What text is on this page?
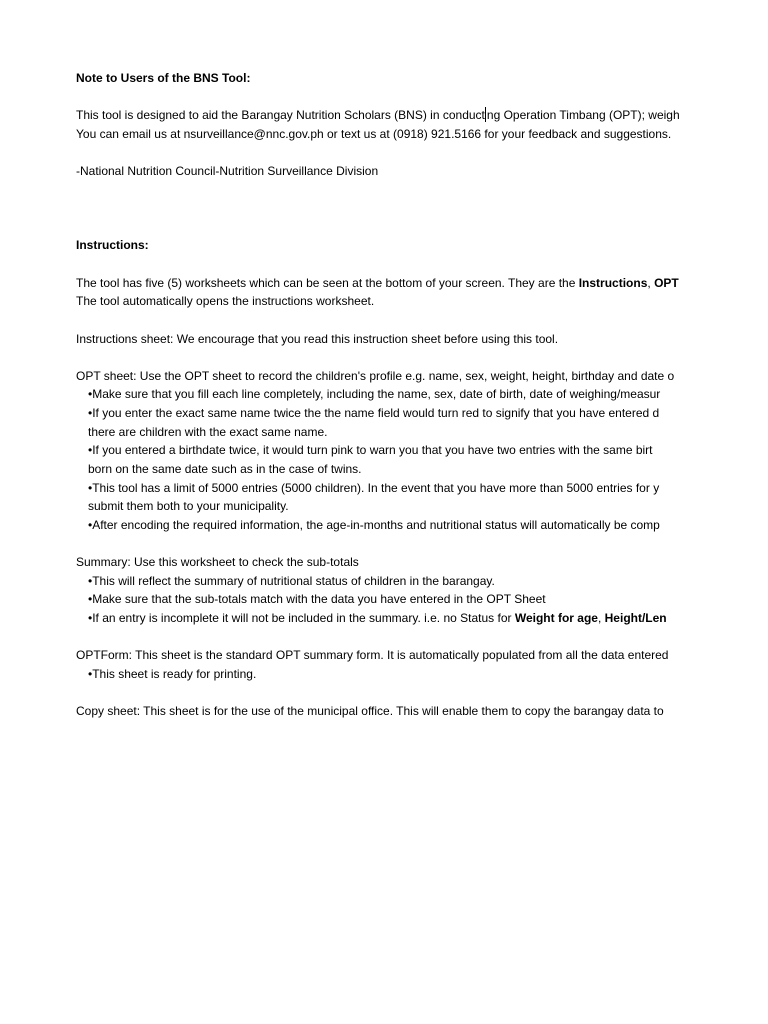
Note to Users of the BNS Tool:
This tool is designed to aid the Barangay Nutrition Scholars (BNS) in conduct ng Operation Timbang (OPT); weigh
You can email us at nsurveillance@nnc.gov.ph or text us at (0918) 921.5166 for your feedback and suggestions.
-National Nutrition Council-Nutrition Surveillance Division
Instructions:
The tool has five (5) worksheets which can be seen at the bottom of your screen. They are the Instructions, OPT
The tool automatically opens the instructions worksheet.
Instructions sheet: We encourage that you read this instruction sheet before using this tool.
OPT sheet: Use the OPT sheet to record the children's profile e.g. name, sex, weight, height, birthday and date o
•Make sure that you fill each line completely, including the name, sex, date of birth, date of weighing/measur
•If you enter the exact same name twice the the name field would turn red to signify that you have entered d
there are children with the exact same name.
•If you entered a birthdate twice, it would turn pink to warn you that you have two entries with the same birt
born on the same date such as in the case of twins.
•This tool has a limit of 5000 entries (5000 children). In the event that you have more than 5000 entries for y
submit them both to your municipality.
•After encoding the required information, the age-in-months and nutritional status will automatically be comp
Summary: Use this worksheet to check the sub-totals
•This will reflect the summary of nutritional status of children in the barangay.
•Make sure that the sub-totals match with the data you have entered in the OPT Sheet
•If an entry is incomplete it will not be included in the summary. i.e. no Status for Weight for age, Height/Len
OPTForm: This sheet is the standard OPT summary form. It is automatically populated from all the data entered
•This sheet is ready for printing.
Copy sheet: This sheet is for the use of the municipal office. This will enable them to copy the barangay data to
